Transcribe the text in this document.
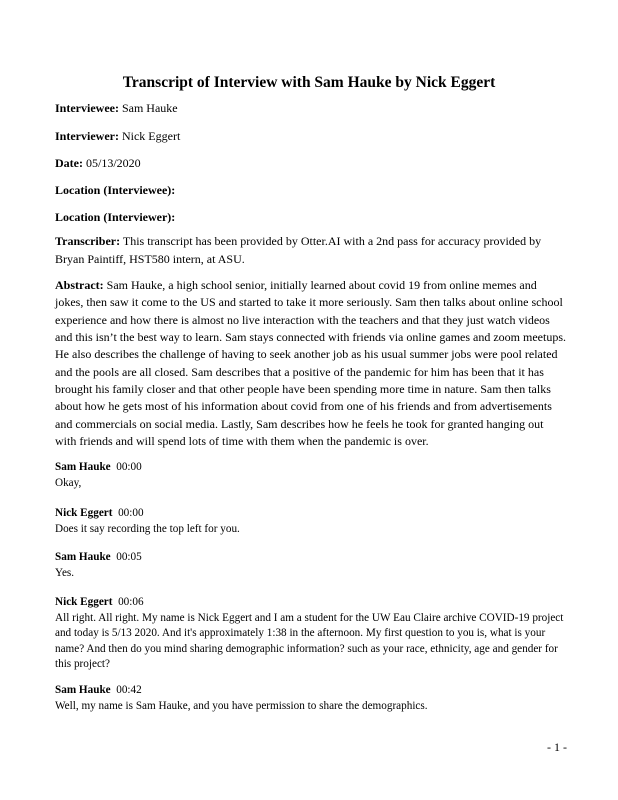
Transcript of Interview with Sam Hauke by Nick Eggert
Interviewee: Sam Hauke
Interviewer: Nick Eggert
Date: 05/13/2020
Location (Interviewee):
Location (Interviewer):

Transcriber: This transcript has been provided by Otter.AI with a 2nd pass for accuracy provided by Bryan Paintiff, HST580 intern, at ASU.

Abstract: Sam Hauke, a high school senior, initially learned about covid 19 from online memes and jokes, then saw it come to the US and started to take it more seriously. Sam then talks about online school experience and how there is almost no live interaction with the teachers and that they just watch videos and this isn’t the best way to learn. Sam stays connected with friends via online games and zoom meetups. He also describes the challenge of having to seek another job as his usual summer jobs were pool related and the pools are all closed. Sam describes that a positive of the pandemic for him has been that it has brought his family closer and that other people have been spending more time in nature. Sam then talks about how he gets most of his information about covid from one of his friends and from advertisements and commercials on social media. Lastly, Sam describes how he feels he took for granted hanging out with friends and will spend lots of time with them when the pandemic is over.

Sam Hauke 00:00

Okay,

Nick Eggert 00:00

Does it say recording the top left for you.

Sam Hauke 00:05

Yes.

Nick Eggert 00:06

All right. All right. My name is Nick Eggert and I am a student for the UW Eau Claire archive COVID-19 project and today is 5/13 2020. And it's approximately 1:38 in the afternoon. My first question to you is, what is your name? And then do you mind sharing demographic information? such as your race, ethnicity, age and gender for this project?

Sam Hauke 00:42

Well, my name is Sam Hauke, and you have permission to share the demographics.

- 1 -
